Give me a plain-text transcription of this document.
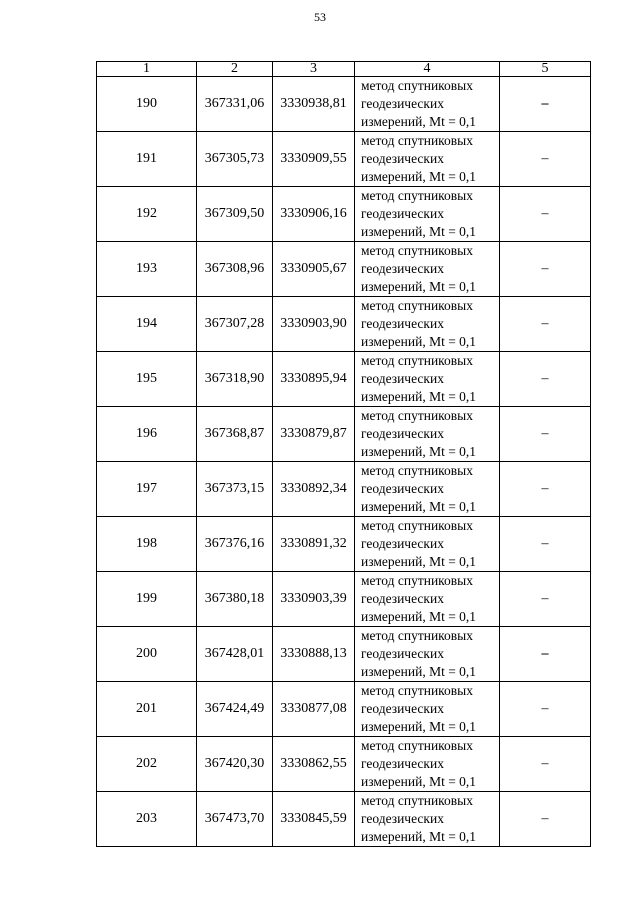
53
1	2	3	4	5
190	367331,06	3330938,81	метод спутниковых
геодезических
измерений, Mt = 0,1	–
191	367305,73	3330909,55	метод спутниковых
геодезических
измерений, Mt = 0,1	–
192	367309,50	3330906,16	метод спутниковых
геодезических
измерений, Mt = 0,1	–
193	367308,96	3330905,67	метод спутниковых
геодезических
измерений, Mt = 0,1	–
194	367307,28	3330903,90	метод спутниковых
геодезических
измерений, Mt = 0,1	–
195	367318,90	3330895,94	метод спутниковых
геодезических
измерений, Mt = 0,1	–
196	367368,87	3330879,87	метод спутниковых
геодезических
измерений, Mt = 0,1	–
197	367373,15	3330892,34	метод спутниковых
геодезических
измерений, Mt = 0,1	–
198	367376,16	3330891,32	метод спутниковых
геодезических
измерений, Mt = 0,1	–
199	367380,18	3330903,39	метод спутниковых
геодезических
измерений, Mt = 0,1	–
200	367428,01	3330888,13	метод спутниковых
геодезических
измерений, Mt = 0,1	–
201	367424,49	3330877,08	метод спутниковых
геодезических
измерений, Mt = 0,1	–
202	367420,30	3330862,55	метод спутниковых
геодезических
измерений, Mt = 0,1	–
203	367473,70	3330845,59	метод спутниковых
геодезических
измерений, Mt = 0,1	–
